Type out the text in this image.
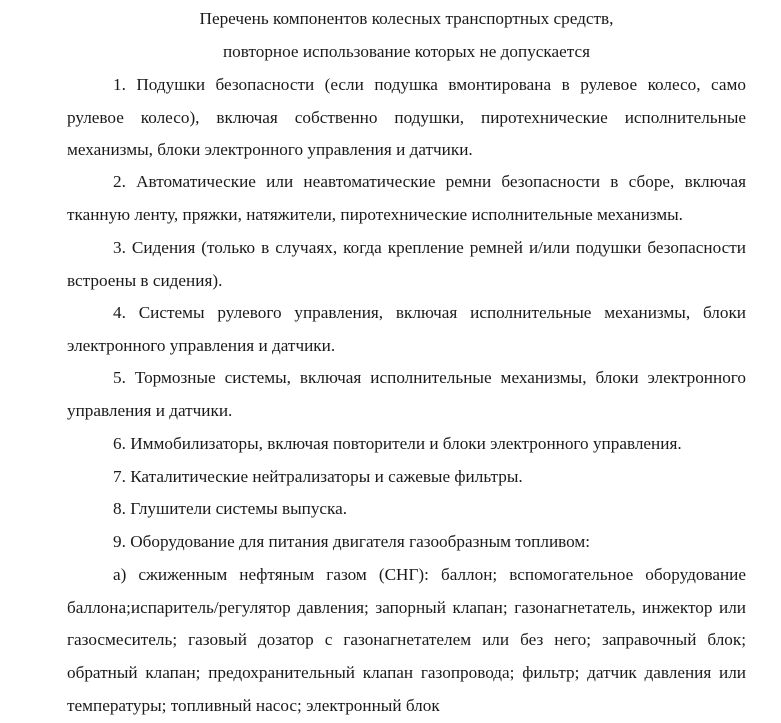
Перечень компонентов колесных транспортных средств,
повторное использование которых не допускается

1. Подушки безопасности (если подушка вмонтирована в рулевое колесо, само рулевое колесо), включая собственно подушки, пиротехнические исполнительные механизмы, блоки электронного управления и датчики.

2. Автоматические или неавтоматические ремни безопасности в сборе, включая тканную ленту, пряжки, натяжители, пиротехнические исполнительные механизмы.

3. Сидения (только в случаях, когда крепление ремней и/или подушки безопасности встроены в сидения).

4. Системы рулевого управления, включая исполнительные механизмы, блоки электронного управления и датчики.

5. Тормозные системы, включая исполнительные механизмы, блоки электронного управления и датчики.

6. Иммобилизаторы, включая повторители и блоки электронного управления.

7. Каталитические нейтрализаторы и сажевые фильтры.

8. Глушители системы выпуска.

9. Оборудование для питания двигателя газообразным топливом:

а) сжиженным нефтяным газом (СНГ): баллон; вспомогательное оборудование баллона;испаритель/регулятор давления; запорный клапан; газонагнетатель, инжектор или газосмеситель; газовый дозатор с газонагнетателем или без него; заправочный блок; обратный клапан; предохранительный клапан газопровода; фильтр; датчик давления или температуры; топливный насос; электронный блок
